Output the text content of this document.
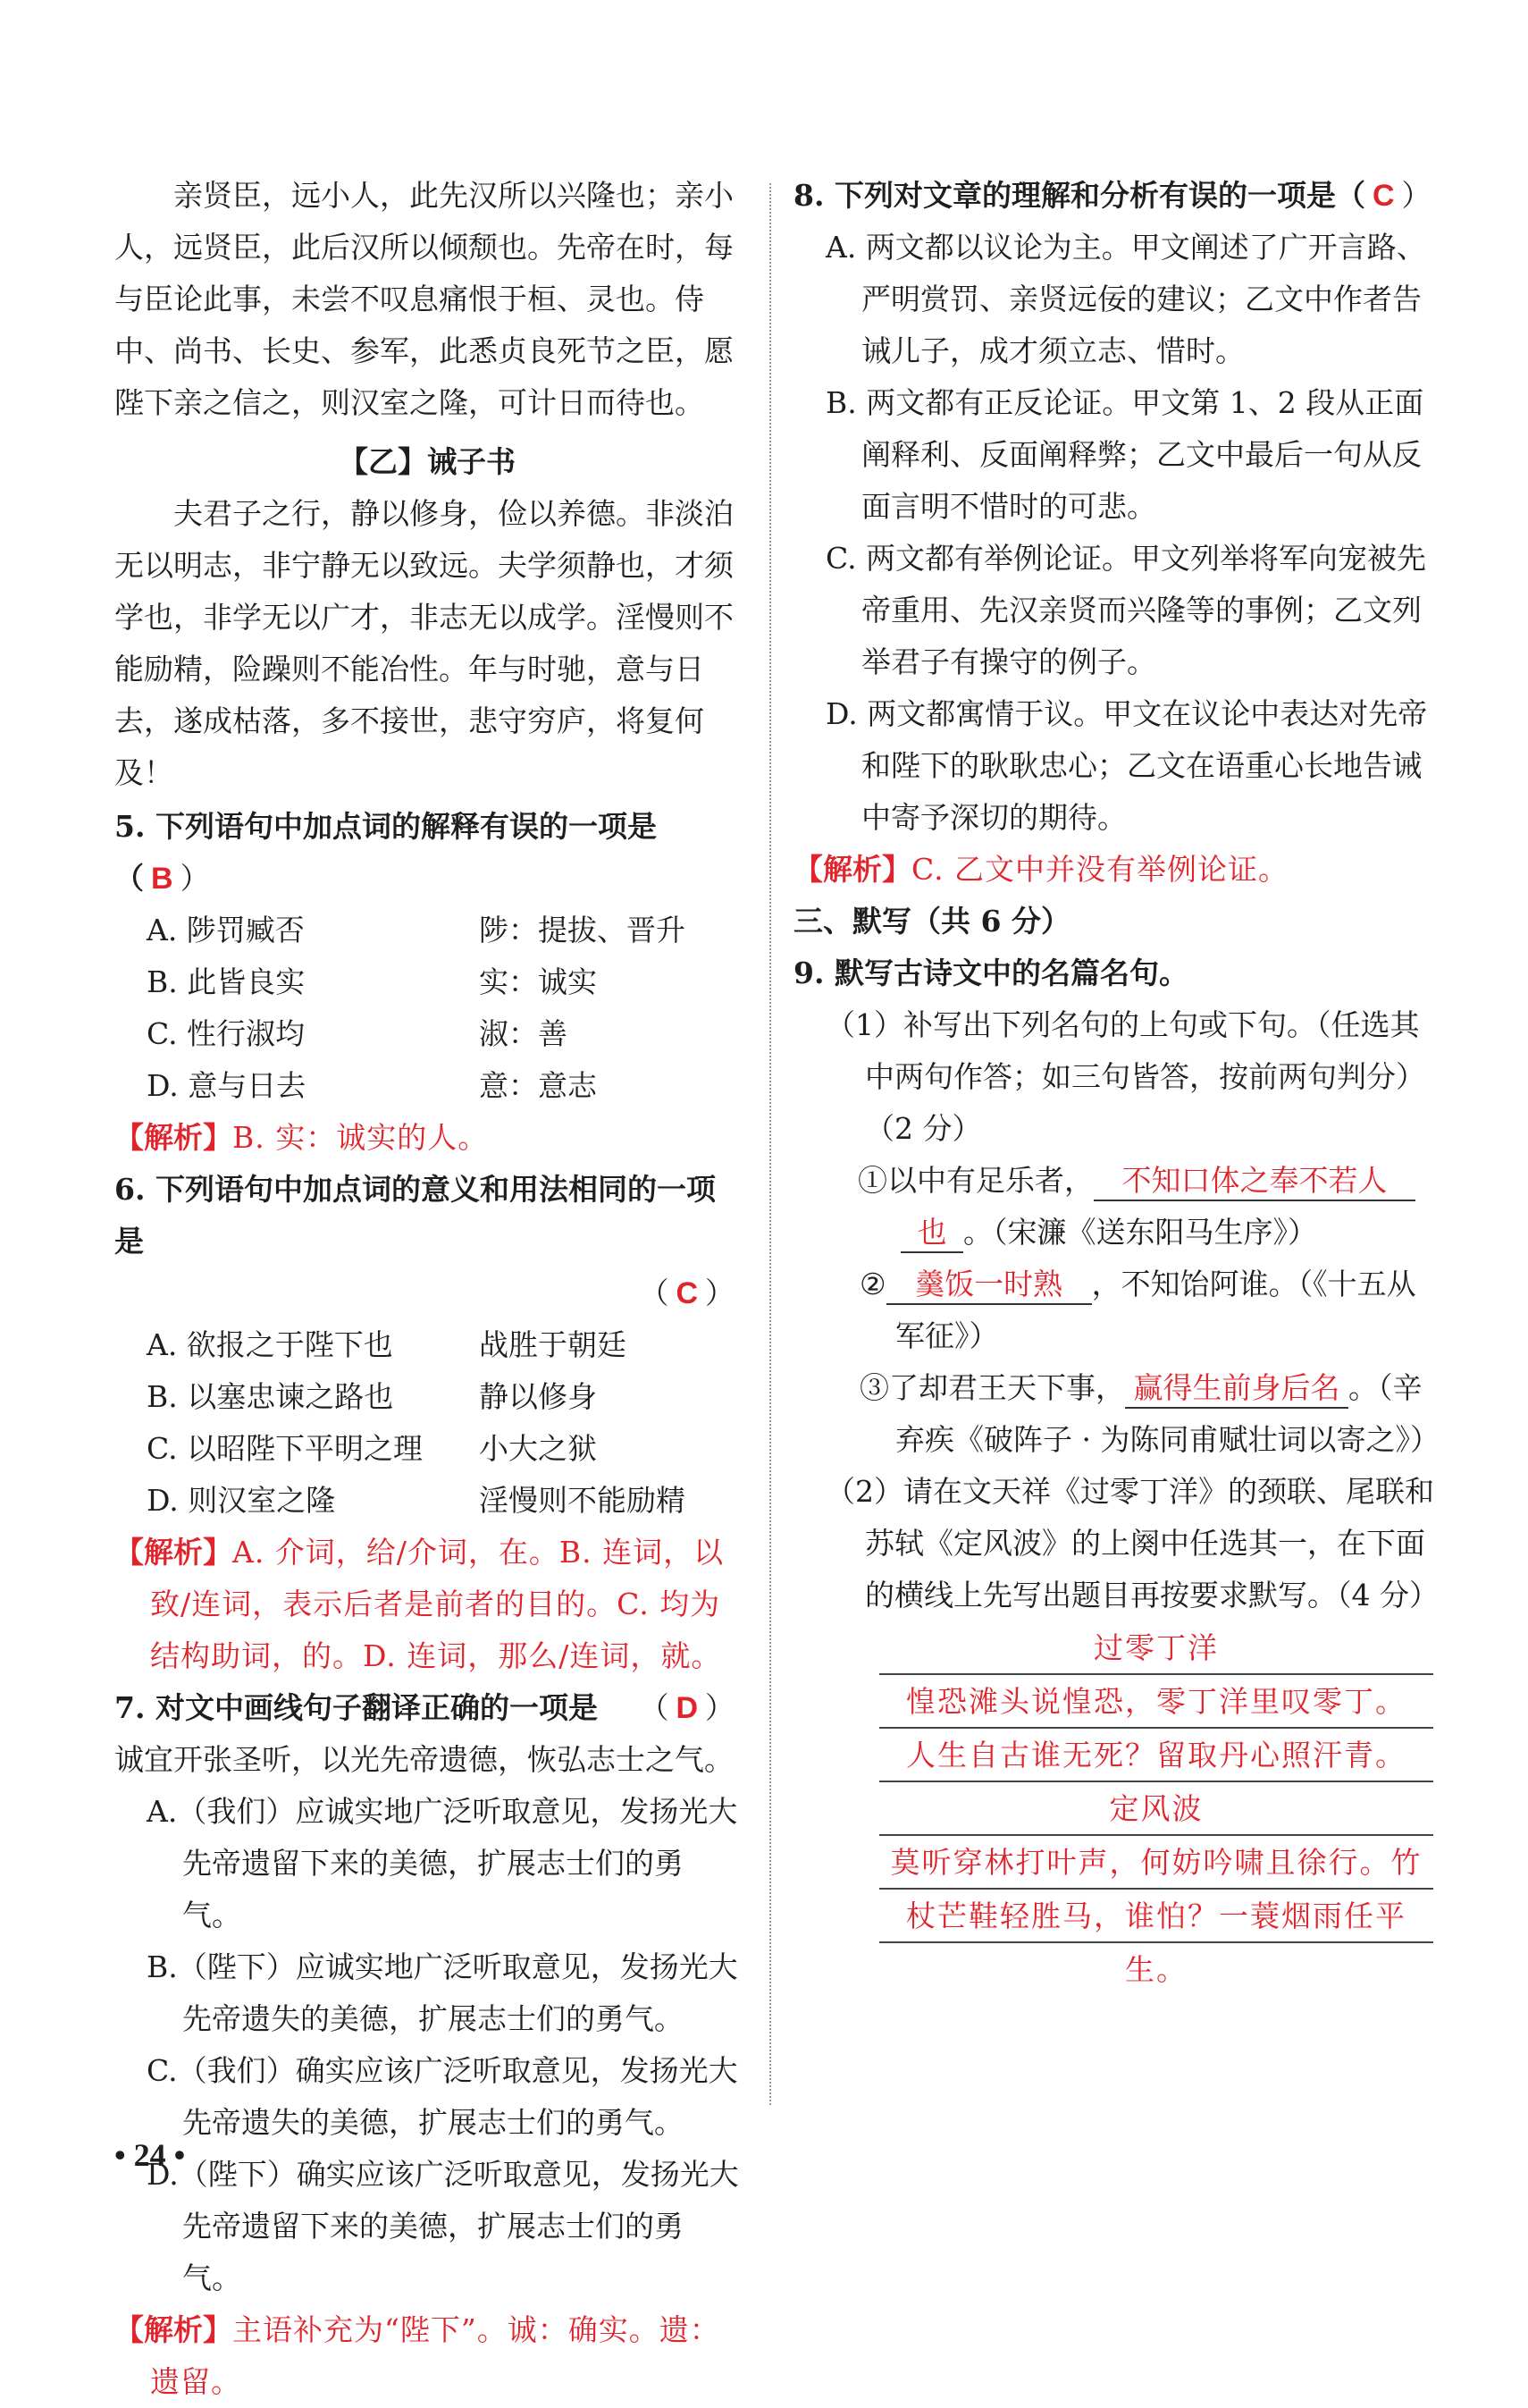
亲贤臣，远小人，此先汉所以兴隆也；亲小人，远贤臣，此后汉所以倾颓也。先帝在时，每与臣论此事，未尝不叹息痛恨于桓、灵也。侍中、尚书、长史、参军，此悉贞良死节之臣，愿陛下亲之信之，则汉室之隆，可计日而待也。

【乙】诫子书

夫君子之行，静以修身，俭以养德。非淡泊无以明志，非宁静无以致远。夫学须静也，才须学也，非学无以广才，非志无以成学。淫慢则不能励精，险躁则不能冶性。年与时驰，意与日去，遂成枯落，多不接世，悲守穷庐，将复何及！

5. 下列语句中加点词的解释有误的一项是（ B ）

A. 陟罚臧否	陟：提拔、晋升
B. 此皆良实	实：诚实
C. 性行淑均	淑：善
D. 意与日去	意：意志

【解析】B. 实：诚实的人。

6. 下列语句中加点词的意义和用法相同的一项是

（ C ）

A. 欲报之于陛下也	战胜于朝廷
B. 以塞忠谏之路也	静以修身
C. 以昭陛下平明之理	小大之狱
D. 则汉室之隆	淫慢则不能励精

【解析】A. 介词，给/介词，在。B. 连词，以致/连词，表示后者是前者的目的。C. 均为结构助词，的。D. 连词，那么/连词，就。

7. 对文中画线句子翻译正确的一项是 （ D ）

诚宜开张圣听，以光先帝遗德，恢弘志士之气。

A.（我们）应诚实地广泛听取意见，发扬光大先帝遗留下来的美德，扩展志士们的勇气。

B.（陛下）应诚实地广泛听取意见，发扬光大先帝遗失的美德，扩展志士们的勇气。

C.（我们）确实应该广泛听取意见，发扬光大先帝遗失的美德，扩展志士们的勇气。

D.（陛下）确实应该广泛听取意见，发扬光大先帝遗留下来的美德，扩展志士们的勇气。

【解析】主语补充为“陛下”。诚：确实。遗：遗留。

8. 下列对文章的理解和分析有误的一项是（ C ）

A. 两文都以议论为主。甲文阐述了广开言路、严明赏罚、亲贤远佞的建议；乙文中作者告诫儿子，成才须立志、惜时。

B. 两文都有正反论证。甲文第 1、2 段从正面阐释利、反面阐释弊；乙文中最后一句从反面言明不惜时的可悲。

C. 两文都有举例论证。甲文列举将军向宠被先帝重用、先汉亲贤而兴隆等的事例；乙文列举君子有操守的例子。

D. 两文都寓情于议。甲文在议论中表达对先帝和陛下的耿耿忠心；乙文在语重心长地告诫中寄予深切的期待。

【解析】C. 乙文中并没有举例论证。

三、默写（共 6 分）

9. 默写古诗文中的名篇名句。

（1）补写出下列名句的上句或下句。（任选其中两句作答；如三句皆答，按前两句判分）（2 分）

①以中有足乐者， 不知口体之奉不若人

也 。（宋濂《送东阳马生序》）

② 羹饭一时熟 ，不知饴阿谁。（《十五从军征》）

③了却君王天下事， 赢得生前身后名 。（辛弃疾《破阵子 · 为陈同甫赋壮词以寄之》）

（2）请在文天祥《过零丁洋》的颈联、尾联和苏轼《定风波》的上阕中任选其一，在下面的横线上先写出题目再按要求默写。（4 分）

过零丁洋
惶恐滩头说惶恐，零丁洋里叹零丁。
人生自古谁无死？留取丹心照汗青。
定风波
莫听穿林打叶声，何妨吟啸且徐行。竹
杖芒鞋轻胜马，谁怕？一蓑烟雨任平生。
• 24 •
